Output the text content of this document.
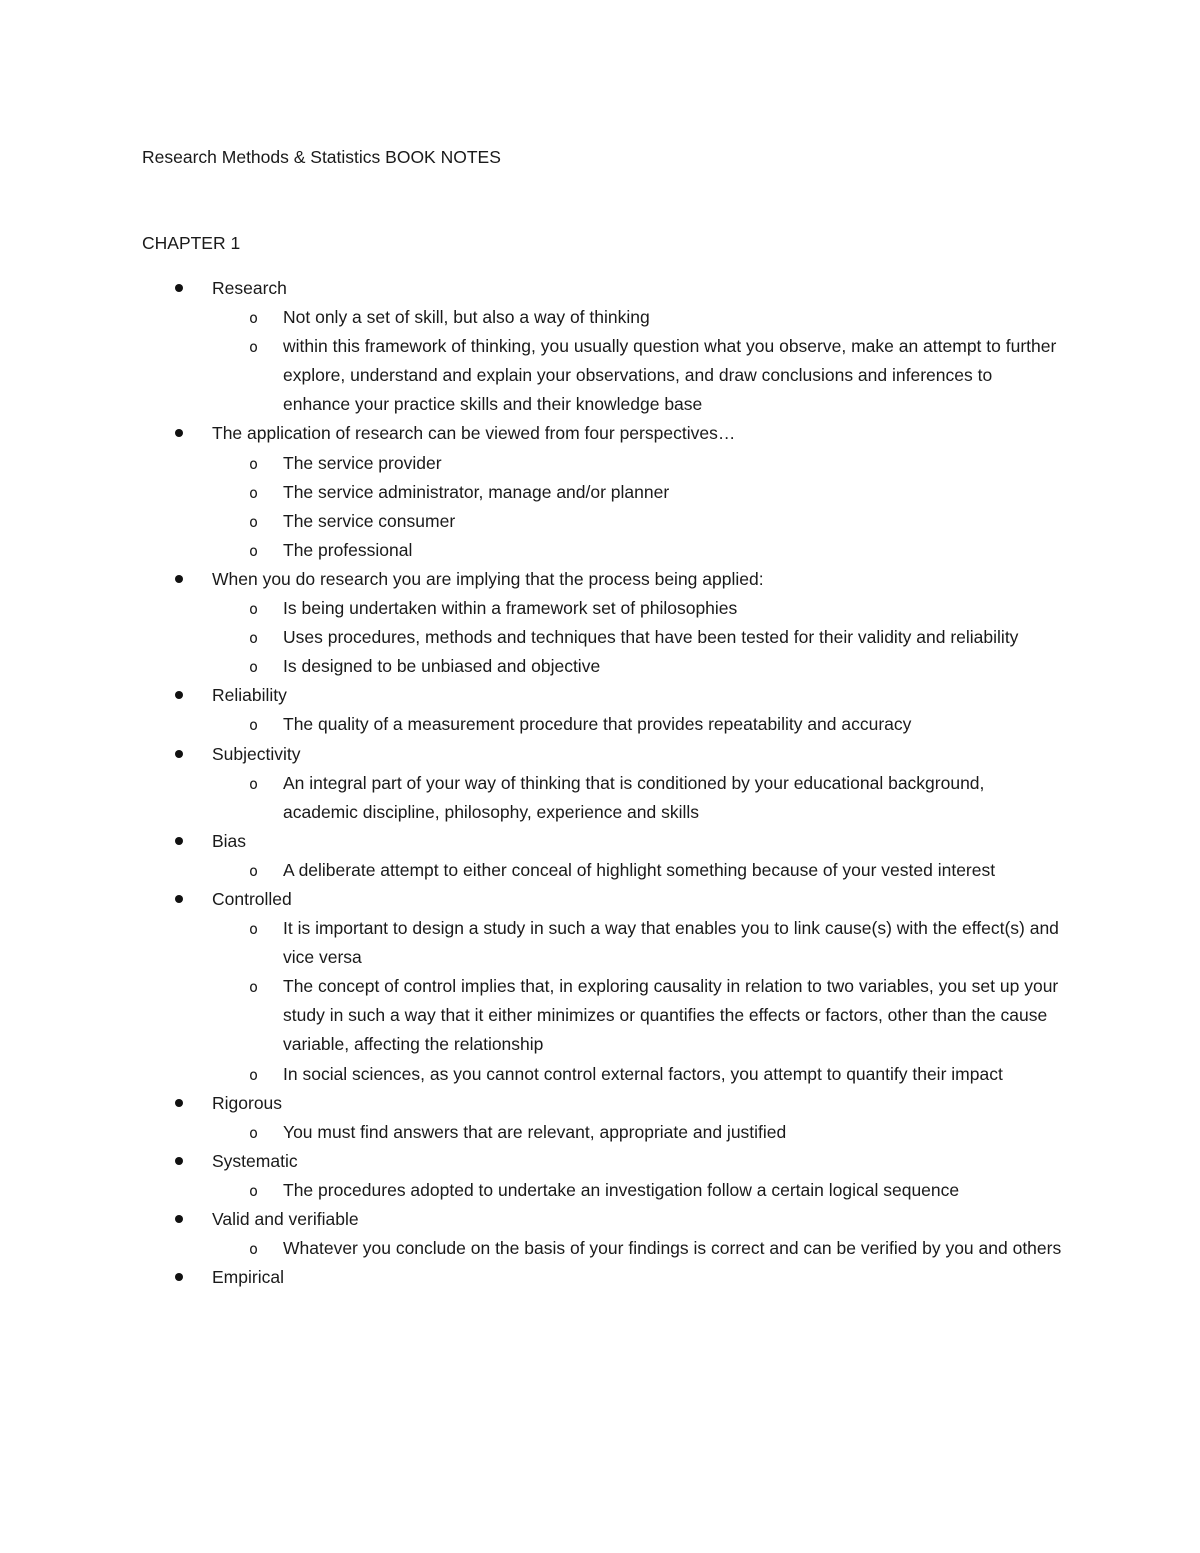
Research Methods & Statistics BOOK NOTES
CHAPTER 1
Research
o Not only a set of skill, but also a way of thinking
o within this framework of thinking, you usually question what you observe, make an attempt to further explore, understand and explain your observations, and draw conclusions and inferences to enhance your practice skills and their knowledge base
The application of research can be viewed from four perspectives…
o The service provider
o The service administrator, manage and/or planner
o The service consumer
o The professional
When you do research you are implying that the process being applied:
o Is being undertaken within a framework set of philosophies
o Uses procedures, methods and techniques that have been tested for their validity and reliability
o Is designed to be unbiased and objective
Reliability
o The quality of a measurement procedure that provides repeatability and accuracy
Subjectivity
o An integral part of your way of thinking that is conditioned by your educational background, academic discipline, philosophy, experience and skills
Bias
o A deliberate attempt to either conceal of highlight something because of your vested interest
Controlled
o It is important to design a study in such a way that enables you to link cause(s) with the effect(s) and vice versa
o The concept of control implies that, in exploring causality in relation to two variables, you set up your study in such a way that it either minimizes or quantifies the effects or factors, other than the cause variable, affecting the relationship
o In social sciences, as you cannot control external factors, you attempt to quantify their impact
Rigorous
o You must find answers that are relevant, appropriate and justified
Systematic
o The procedures adopted to undertake an investigation follow a certain logical sequence
Valid and verifiable
o Whatever you conclude on the basis of your findings is correct and can be verified by you and others
Empirical
